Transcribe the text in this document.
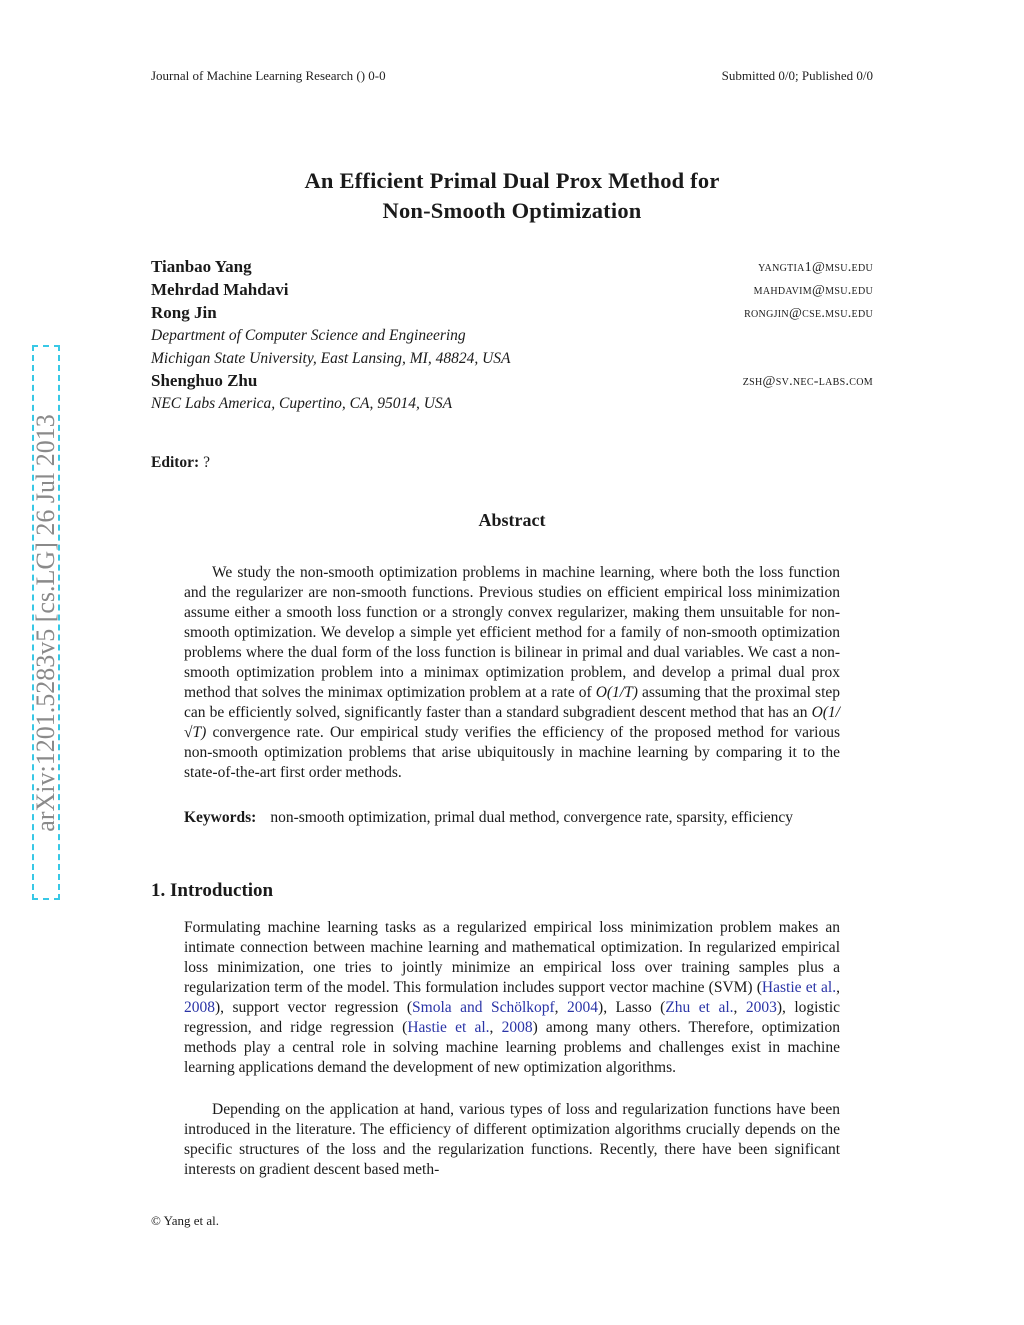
arXiv:1201.5283v5 [cs.LG] 26 Jul 2013
Journal of Machine Learning Research () 0-0	Submitted 0/0; Published 0/0
An Efficient Primal Dual Prox Method for
Non-Smooth Optimization
Tianbao Yang	yangtia1@msu.edu
Mehrdad Mahdavi	mahdavim@msu.edu
Rong Jin	rongjin@cse.msu.edu
Department of Computer Science and Engineering
Michigan State University, East Lansing, MI, 48824, USA
Shenghuo Zhu	zsh@sv.nec-labs.com
NEC Labs America, Cupertino, CA, 95014, USA
Editor: ?
Abstract
We study the non-smooth optimization problems in machine learning, where both the loss function and the regularizer are non-smooth functions. Previous studies on efficient empirical loss minimization assume either a smooth loss function or a strongly convex regularizer, making them unsuitable for non-smooth optimization. We develop a simple yet efficient method for a family of non-smooth optimization problems where the dual form of the loss function is bilinear in primal and dual variables. We cast a non-smooth optimization problem into a minimax optimization problem, and develop a primal dual prox method that solves the minimax optimization problem at a rate of O(1/T) assuming that the proximal step can be efficiently solved, significantly faster than a standard subgradient descent method that has an O(1/√T) convergence rate. Our empirical study verifies the efficiency of the proposed method for various non-smooth optimization problems that arise ubiquitously in machine learning by comparing it to the state-of-the-art first order methods.
Keywords: non-smooth optimization, primal dual method, convergence rate, sparsity, efficiency
1. Introduction
Formulating machine learning tasks as a regularized empirical loss minimization problem makes an intimate connection between machine learning and mathematical optimization. In regularized empirical loss minimization, one tries to jointly minimize an empirical loss over training samples plus a regularization term of the model. This formulation includes support vector machine (SVM) (Hastie et al., 2008), support vector regression (Smola and Schölkopf, 2004), Lasso (Zhu et al., 2003), logistic regression, and ridge regression (Hastie et al., 2008) among many others. Therefore, optimization methods play a central role in solving machine learning problems and challenges exist in machine learning applications demand the development of new optimization algorithms.
Depending on the application at hand, various types of loss and regularization functions have been introduced in the literature. The efficiency of different optimization algorithms crucially depends on the specific structures of the loss and the regularization functions. Recently, there have been significant interests on gradient descent based meth-
© Yang et al.
